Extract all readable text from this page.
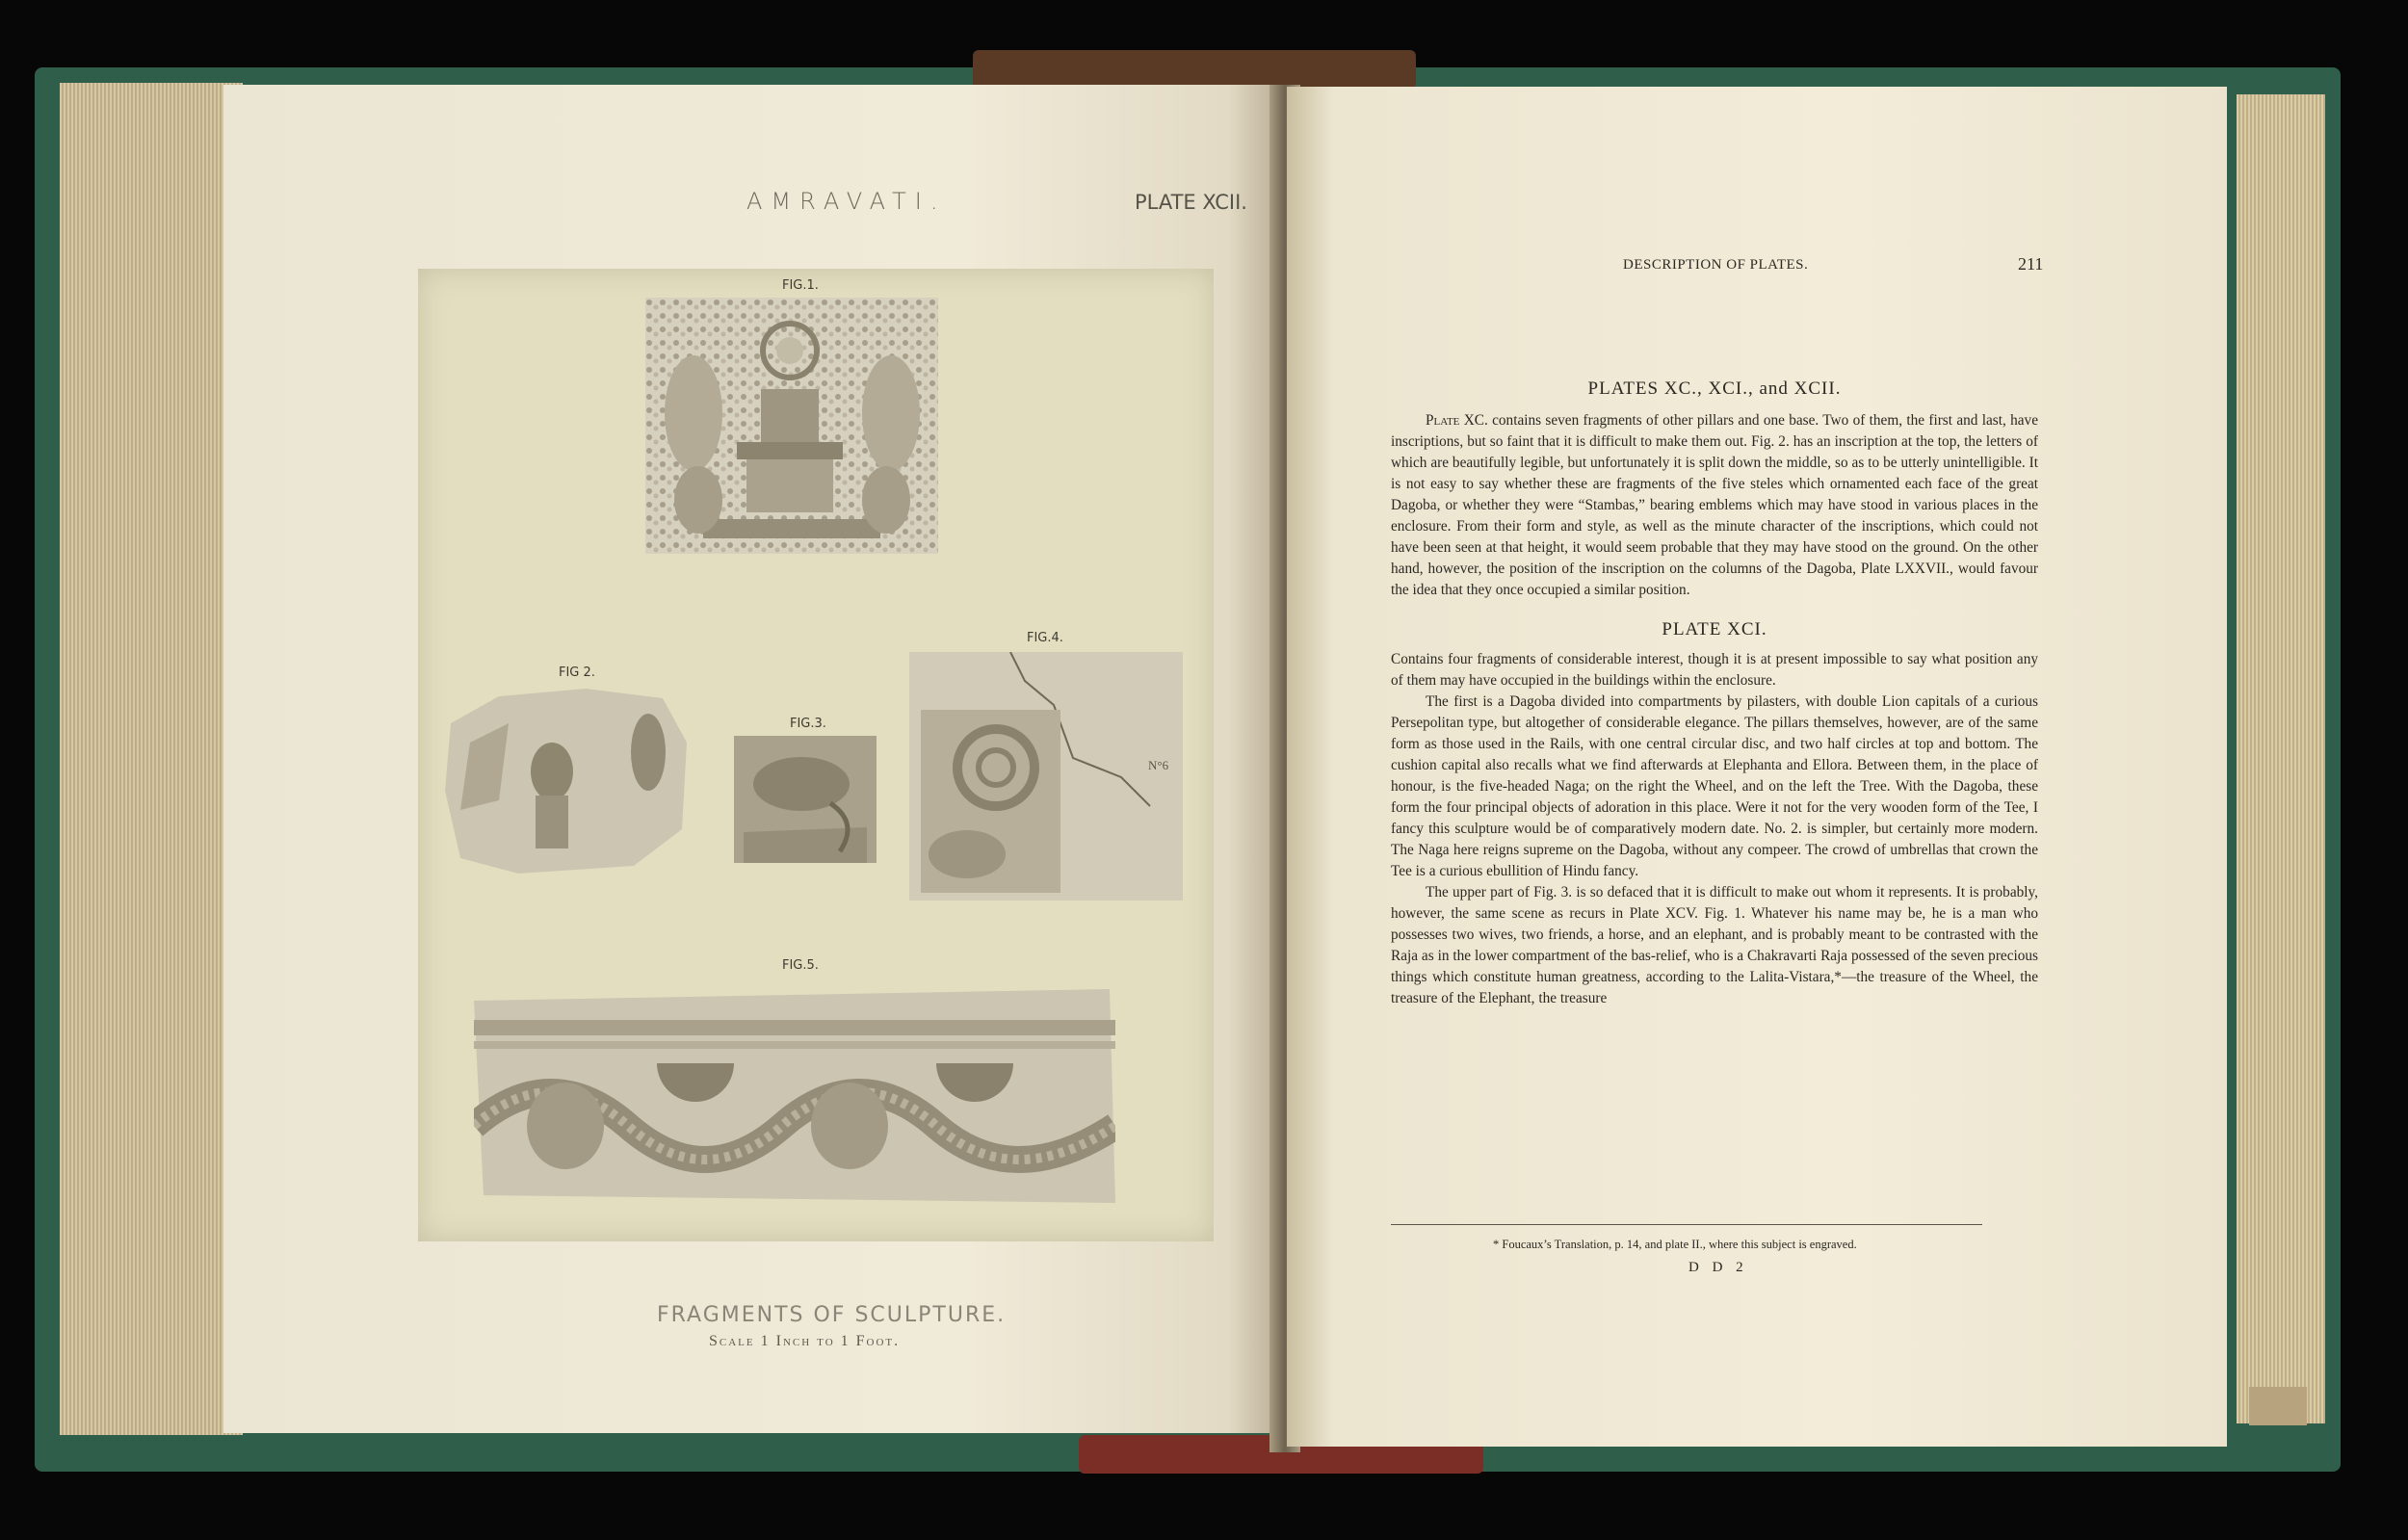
AMRAVATI.	PLATE XCII.
FIG.1.
FIG 2.
FIG.3.
FIG.4.
N°6
FIG.5.
FRAGMENTS OF SCULPTURE.
Scale 1 Inch to 1 Foot.
DESCRIPTION OF PLATES.	211
PLATES XC., XCI., and XCII.

Plate XC. contains seven fragments of other pillars and one base. Two of them, the first and last, have inscriptions, but so faint that it is difficult to make them out. Fig. 2. has an inscription at the top, the letters of which are beautifully legible, but unfortunately it is split down the middle, so as to be utterly unintelligible. It is not easy to say whether these are fragments of the five steles which ornamented each face of the great Dagoba, or whether they were “Stambas,” bearing emblems which may have stood in various places in the enclosure. From their form and style, as well as the minute character of the inscriptions, which could not have been seen at that height, it would seem probable that they may have stood on the ground. On the other hand, however, the position of the inscription on the columns of the Dagoba, Plate LXXVII., would favour the idea that they once occupied a similar position.

PLATE XCI.

Contains four fragments of considerable interest, though it is at present impossible to say what position any of them may have occupied in the buildings within the enclosure.

The first is a Dagoba divided into compartments by pilasters, with double Lion capitals of a curious Persepolitan type, but altogether of considerable elegance. The pillars themselves, however, are of the same form as those used in the Rails, with one central circular disc, and two half circles at top and bottom. The cushion capital also recalls what we find afterwards at Elephanta and Ellora. Between them, in the place of honour, is the five-headed Naga; on the right the Wheel, and on the left the Tree. With the Dagoba, these form the four principal objects of adoration in this place. Were it not for the very wooden form of the Tee, I fancy this sculpture would be of comparatively modern date. No. 2. is simpler, but certainly more modern. The Naga here reigns supreme on the Dagoba, without any compeer. The crowd of umbrellas that crown the Tee is a curious ebullition of Hindu fancy.

The upper part of Fig. 3. is so defaced that it is difficult to make out whom it represents. It is probably, however, the same scene as recurs in Plate XCV. Fig. 1. Whatever his name may be, he is a man who possesses two wives, two friends, a horse, and an elephant, and is probably meant to be contrasted with the Raja as in the lower compartment of the bas-relief, who is a Chakravarti Raja possessed of the seven precious things which constitute human greatness, according to the Lalita-Vistara,*—the treasure of the Wheel, the treasure of the Elephant, the treasure

* Foucaux’s Translation, p. 14, and plate II., where this subject is engraved.
D D 2
